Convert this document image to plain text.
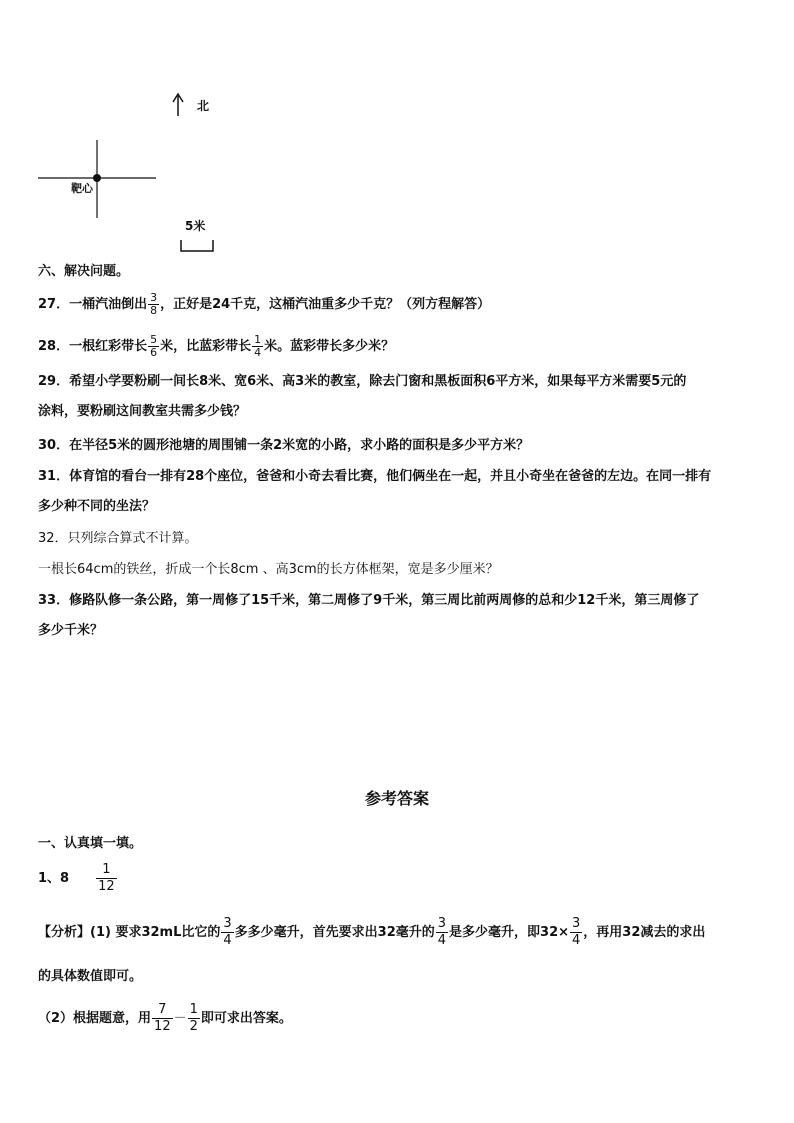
北
靶心
5米
六、解决问题。
27．一桶汽油倒出 $\frac{3}{8}$ ，正好是24千克，这桶汽油重多少千克？（列方程解答）
28．一根红彩带长 $\frac{5}{6}$ 米，比蓝彩带长 $\frac{1}{4}$ 米。蓝彩带长多少米？
29．希望小学要粉刷一间长8米、宽6米、高3米的教室，除去门窗和黑板面积6平方米，如果每平方米需要5元的
涂料，要粉刷这间教室共需多少钱？
30．在半径5米的圆形池塘的周围铺一条2米宽的小路，求小路的面积是多少平方米？
31．体育馆的看台一排有28个座位，爸爸和小奇去看比赛，他们俩坐在一起，并且小奇坐在爸爸的左边。在同一排有
多少种不同的坐法？
32．只列综合算式不计算。
一根长64cm的铁丝，折成一个长8cm 、高3cm的长方体框架，宽是多少厘米？
33．修路队修一条公路，第一周修了15千米，第二周修了9千米，第三周比前两周修的总和少12千米，第三周修了
多少千米？
参考答案
一、认真填一填。
1、$8 \frac{1}{12}$
【分析】(1) 要求32mL比它的 $\frac{3}{4}$ 多多少毫升，首先要求出32毫升的 $\frac{3}{4}$ 是多少毫升，即$32\times \frac{3}{4}$ ，再用32减去的求出
的具体数值即可。
（2）根据题意，用 $\frac{7}{12} - \frac{1}{2}$ 即可求出答案。
